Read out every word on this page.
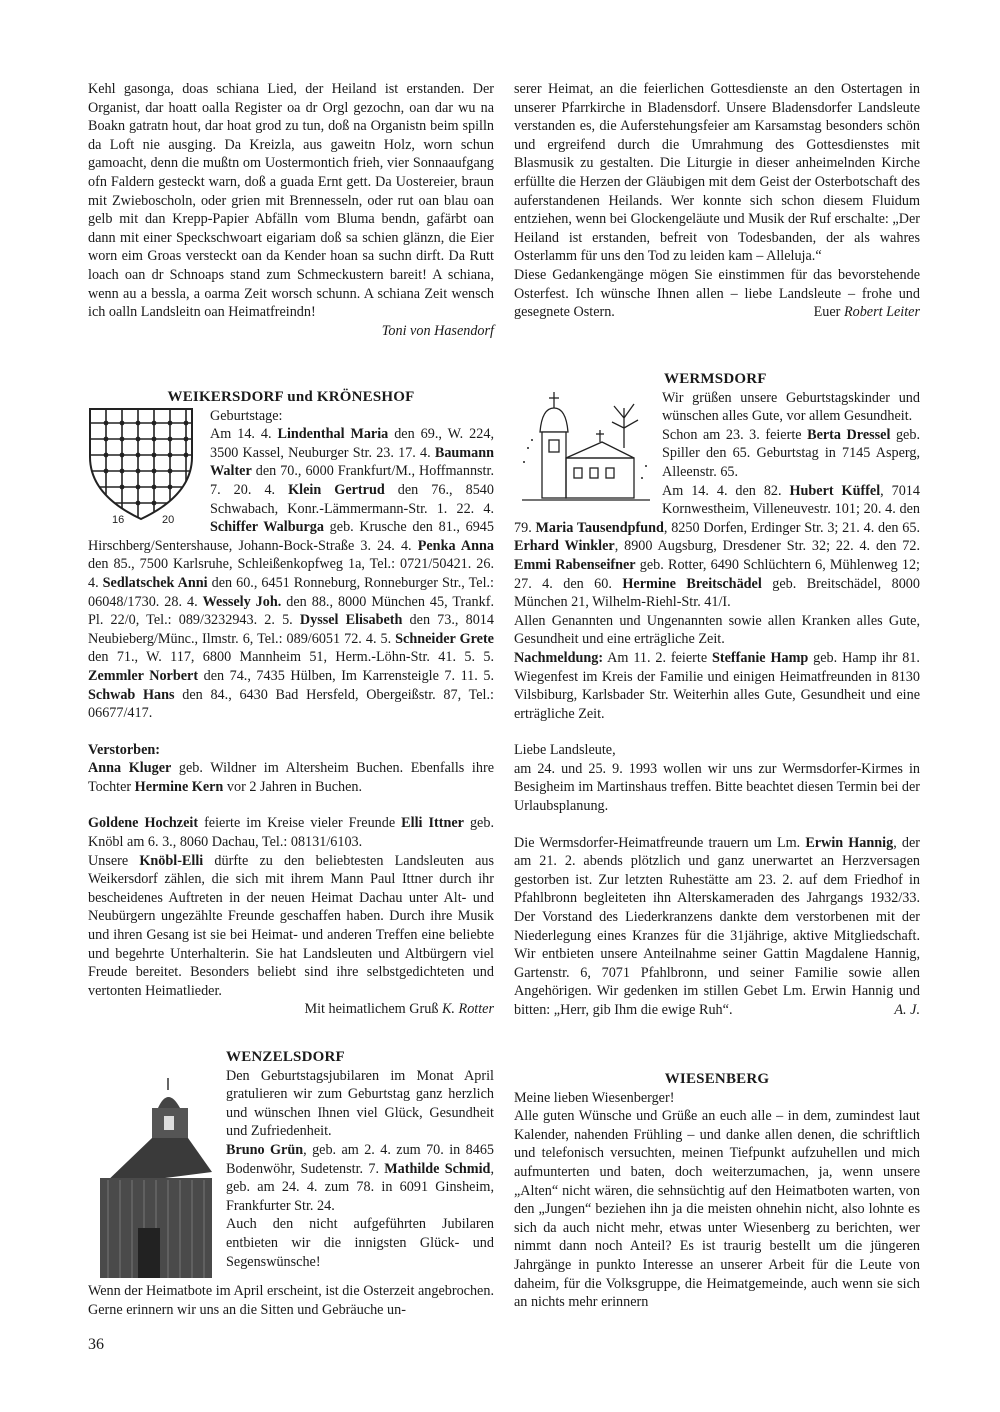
Kehl gasonga, doas schiana Lied, der Heiland ist erstanden. Der Organist, dar hoatt oalla Register oa dr Orgl gezochn, oan dar wu na Boakn gatratn hout, dar hoat grod zu tun, doß na Organistn beim spilln da Loft nie ausging. Da Kreizla, aus gaweitn Holz, worn schun gamoacht, denn die mußtn om Uostermontich frieh, vier Sonnaaufgang ofn Faldern gesteckt warn, doß a guada Ernt gett. Da Uostereier, braun mit Zwieboscholn, oder grien mit Brennesseln, oder rut oan blau oan gelb mit dan Krepp-Papier Abfälln vom Bluma bendn, gafärbt oan dann mit einer Speckschwoart eigariam doß sa schien glänzn, die Eier worn eim Groas versteckt oan da Kender hoan sa suchn dirft. Da Rutt loach oan dr Schnoaps stand zum Schmeckustern bareit! A schiana, wenn au a bessla, a oarma Zeit worsch schunn. A schiana Zeit wensch ich oalln Landsleitn oan Heimatfreindn!

Toni von Hasendorf

WEIKERSDORF und KRÖNESHOF

16	20

Geburtstage:

Am 14. 4. Lindenthal Maria den 69., W. 224, 3500 Kassel, Neuburger Str. 23. 17. 4. Baumann Walter den 70., 6000 Frankfurt/M., Hoffmannstr. 7. 20. 4. Klein Gertrud den 76., 8540 Schwabach, Konr.-Lämmermann-Str. 1. 22. 4. Schiffer Walburga geb. Krusche den 81., 6945 Hirschberg/Sentershause, Johann-Bock-Straße 3. 24. 4. Penka Anna den 85., 7500 Karlsruhe, Schleißenkopfweg 1a, Tel.: 0721/50421. 26. 4. Sedlatschek Anni den 60., 6451 Ronneburg, Ronneburger Str., Tel.: 06048/1730. 28. 4. Wessely Joh. den 88., 8000 München 45, Trankf. Pl. 22/0, Tel.: 089/3232943. 2. 5. Dyssel Elisabeth den 73., 8014 Neubieberg/Münc., Ilmstr. 6, Tel.: 089/6051 72. 4. 5. Schneider Grete den 71., W. 117, 6800 Mannheim 51, Herm.-Löhn-Str. 41. 5. 5. Zemmler Norbert den 74., 7435 Hülben, Im Karrensteigle 7. 11. 5. Schwab Hans den 84., 6430 Bad Hersfeld, Obergeißstr. 87, Tel.: 06677/417.

Verstorben:

Anna Kluger geb. Wildner im Altersheim Buchen. Ebenfalls ihre Tochter Hermine Kern vor 2 Jahren in Buchen.

Goldene Hochzeit feierte im Kreise vieler Freunde Elli Ittner geb. Knöbl am 6. 3., 8060 Dachau, Tel.: 08131/6103.

Unsere Knöbl-Elli dürfte zu den beliebtesten Landsleuten aus Weikersdorf zählen, die sich mit ihrem Mann Paul Ittner durch ihr bescheidenes Auftreten in der neuen Heimat Dachau unter Alt- und Neubürgern ungezählte Freunde geschaffen haben. Durch ihre Musik und ihren Gesang ist sie bei Heimat- und anderen Treffen eine beliebte und begehrte Unterhalterin. Sie hat Landsleuten und Altbürgern viel Freude bereitet. Besonders beliebt sind ihre selbstgedichteten und vertonten Heimatlieder.

Mit heimatlichem Gruß K. Rotter

WENZELSDORF

Den Geburtstagsjubilaren im Monat April gratulieren wir zum Geburtstag ganz herzlich und wünschen Ihnen viel Glück, Gesundheit und Zufriedenheit.

Bruno Grün, geb. am 2. 4. zum 70. in 8465 Bodenwöhr, Sudetenstr. 7. Mathilde Schmid, geb. am 24. 4. zum 78. in 6091 Ginsheim, Frankfurter Str. 24.

Auch den nicht aufgeführten Jubilaren entbieten wir die innigsten Glück- und Segenswünsche!

Wenn der Heimatbote im April erscheint, ist die Osterzeit angebrochen. Gerne erinnern wir uns an die Sitten und Gebräuche un-

serer Heimat, an die feierlichen Gottesdienste an den Ostertagen in unserer Pfarrkirche in Bladensdorf. Unsere Bladensdorfer Landsleute verstanden es, die Auferstehungsfeier am Karsamstag besonders schön und ergreifend durch die Umrahmung des Gottesdienstes mit Blasmusik zu gestalten. Die Liturgie in dieser anheimelnden Kirche erfüllte die Herzen der Gläubigen mit dem Geist der Osterbotschaft des auferstandenen Heilands. Wer konnte sich schon diesem Fluidum entziehen, wenn bei Glockengeläute und Musik der Ruf erschalte: „Der Heiland ist erstanden, befreit von Todesbanden, der als wahres Osterlamm für uns den Tod zu leiden kam – Alleluja.“

Diese Gedankengänge mögen Sie einstimmen für das bevorstehende Osterfest. Ich wünsche Ihnen allen – liebe Landsleute – frohe und gesegnete Ostern.	Euer Robert Leiter

WERMSDORF

Wir grüßen unsere Geburtstagskinder und wünschen alles Gute, vor allem Gesundheit.

Schon am 23. 3. feierte Berta Dressel geb. Spiller den 65. Geburtstag in 7145 Asperg, Alleenstr. 65.

Am 14. 4. den 82. Hubert Küffel, 7014 Kornwestheim, Villeneuvestr. 101; 20. 4. den 79. Maria Tausendpfund, 8250 Dorfen, Erdinger Str. 3; 21. 4. den 65. Erhard Winkler, 8900 Augsburg, Dresdener Str. 32; 22. 4. den 72. Emmi Rabenseifner geb. Rotter, 6490 Schlüchtern 6, Mühlenweg 12; 27. 4. den 60. Hermine Breitschädel geb. Breitschädel, 8000 München 21, Wilhelm-Riehl-Str. 41/I.

Allen Genannten und Ungenannten sowie allen Kranken alles Gute, Gesundheit und eine erträgliche Zeit.

Nachmeldung: Am 11. 2. feierte Steffanie Hamp geb. Hamp ihr 81. Wiegenfest im Kreis der Familie und einigen Heimatfreunden in 8130 Vilsbiburg, Karlsbader Str. Weiterhin alles Gute, Gesundheit und eine erträgliche Zeit.

Liebe Landsleute,

am 24. und 25. 9. 1993 wollen wir uns zur Wermsdorfer-Kirmes in Besigheim im Martinshaus treffen. Bitte beachtet diesen Termin bei der Urlaubsplanung.

Die Wermsdorfer-Heimatfreunde trauern um Lm. Erwin Hannig, der am 21. 2. abends plötzlich und ganz unerwartet an Herzversagen gestorben ist. Zur letzten Ruhestätte am 23. 2. auf dem Friedhof in Pfahlbronn begleiteten ihn Alterskameraden des Jahrgangs 1932/33. Der Vorstand des Liederkranzens dankte dem verstorbenen mit der Niederlegung eines Kranzes für die 31jährige, aktive Mitgliedschaft. Wir entbieten unsere Anteilnahme seiner Gattin Magdalene Hannig, Gartenstr. 6, 7071 Pfahlbronn, und seiner Familie sowie allen Angehörigen. Wir gedenken im stillen Gebet Lm. Erwin Hannig und bitten: „Herr, gib Ihm die ewige Ruh“.	A. J.

WIESENBERG

Meine lieben Wiesenberger!

Alle guten Wünsche und Grüße an euch alle – in dem, zumindest laut Kalender, nahenden Frühling – und danke allen denen, die schriftlich und telefonisch versuchten, meinen Tiefpunkt aufzuhellen und mich aufmunterten und baten, doch weiterzumachen, ja, wenn unsere „Alten“ nicht wären, die sehnsüchtig auf den Heimatboten warten, von den „Jungen“ beziehen ihn ja die meisten ohnehin nicht, also lohnte es sich da auch nicht mehr, etwas unter Wiesenberg zu berichten, wer nimmt dann noch Anteil? Es ist traurig bestellt um die jüngeren Jahrgänge in punkto Interesse an unserer Arbeit für die Leute von daheim, für die Volksgruppe, die Heimatgemeinde, auch wenn sie sich an nichts mehr erinnern

36
